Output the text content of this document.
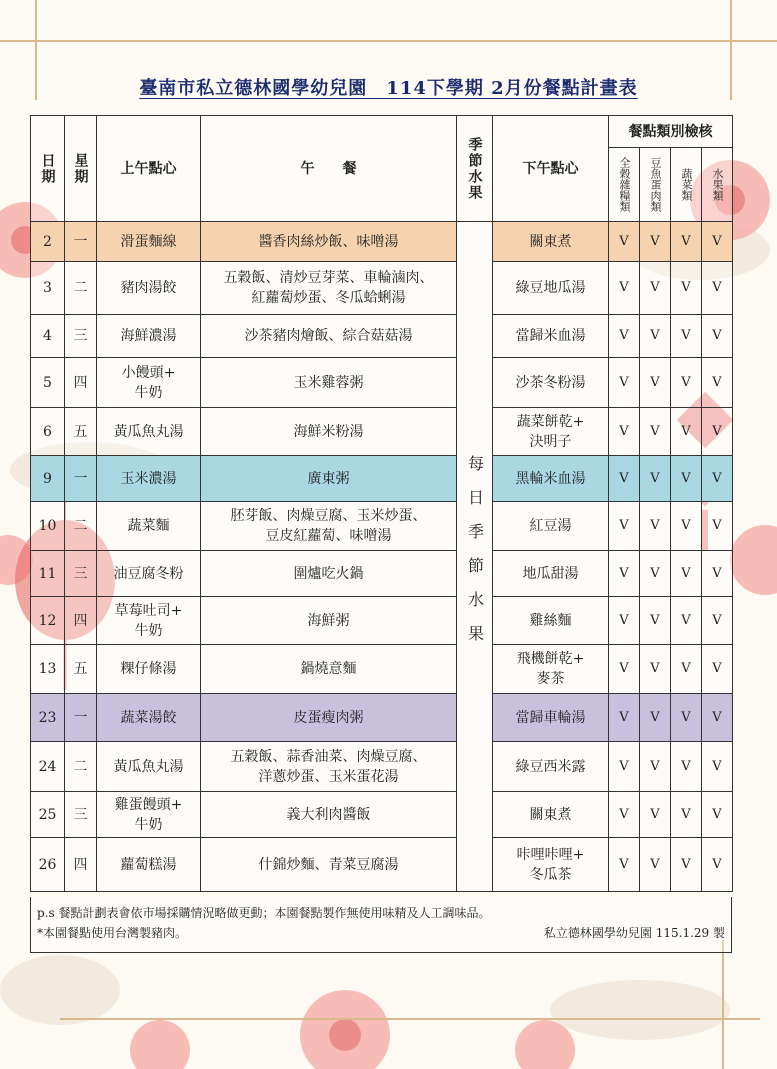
臺南市私立德林國學幼兒園　114下學期 2月份餐點計畫表
日期	星期	上午點心	午　　餐	季節水果	下午點心	餐點類別檢核			

						全穀雜糧類	豆魚蛋肉類	蔬菜類	水果類

2	一	滑蛋麵線	醬香肉絲炒飯、味噌湯	每日季節水果	關東煮	V	V	V	V
3	二	豬肉湯餃	五穀飯、清炒豆芽菜、車輪滷肉、
紅蘿蔔炒蛋、冬瓜蛤蜊湯		綠豆地瓜湯	V	V	V	V
4	三	海鮮濃湯	沙茶豬肉燴飯、綜合菇菇湯		當歸米血湯	V	V	V	V
5	四	小饅頭+
牛奶	玉米雞蓉粥		沙茶冬粉湯	V	V	V	V
6	五	黃瓜魚丸湯	海鮮米粉湯		蔬菜餅乾+
決明子	V	V	V	V
9	一	玉米濃湯	廣東粥		黑輪米血湯	V	V	V	V
10	二	蔬菜麵	胚芽飯、肉燥豆腐、玉米炒蛋、
豆皮紅蘿蔔、味噌湯		紅豆湯	V	V	V	V
11	三	油豆腐冬粉	圍爐吃火鍋		地瓜甜湯	V	V	V	V
12	四	草莓吐司+
牛奶	海鮮粥		雞絲麵	V	V	V	V
13	五	粿仔條湯	鍋燒意麵		飛機餅乾+
麥茶	V	V	V	V
23	一	蔬菜湯餃	皮蛋瘦肉粥		當歸車輪湯	V	V	V	V
24	二	黃瓜魚丸湯	五穀飯、蒜香油菜、肉燥豆腐、
洋蔥炒蛋、玉米蛋花湯		綠豆西米露	V	V	V	V
25	三	雞蛋饅頭+
牛奶	義大利肉醬飯		關東煮	V	V	V	V
26	四	蘿蔔糕湯	什錦炒麵、青菜豆腐湯		咔哩咔哩+
冬瓜茶	V	V	V	V
p.s 餐點計劃表會依市場採購情況略做更動；本園餐點製作無使用味精及人工調味品。
*本園餐點使用台灣製豬肉。	私立德林國學幼兒園 115.1.29 製
